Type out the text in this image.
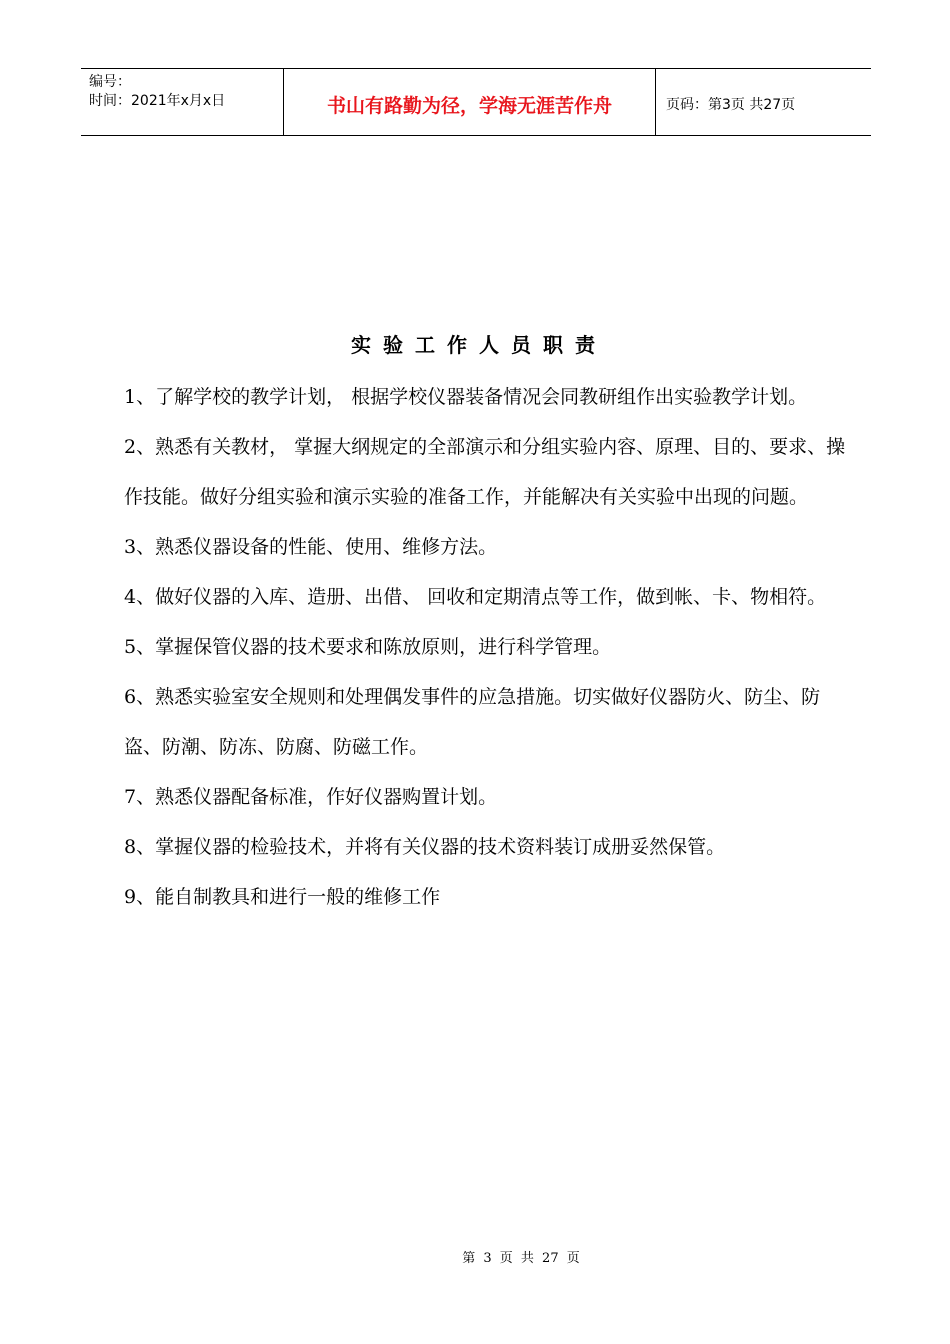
编号：
时间：2021年x月x日	书山有路勤为径，学海无涯苦作舟	页码：第3页 共27页
实验工作人员职责

1、了解学校的教学计划， 根据学校仪器装备情况会同教研组作出实验教学计划。

2、熟悉有关教材， 掌握大纲规定的全部演示和分组实验内容、原理、目的、要求、操作技能。做好分组实验和演示实验的准备工作，并能解决有关实验中出现的问题。

3、熟悉仪器设备的性能、使用、维修方法。

4、做好仪器的入库、造册、出借、 回收和定期清点等工作，做到帐、卡、物相符。

5、掌握保管仪器的技术要求和陈放原则，进行科学管理。

6、熟悉实验室安全规则和处理偶发事件的应急措施。切实做好仪器防火、防尘、防盗、防潮、防冻、防腐、防磁工作。

7、熟悉仪器配备标准，作好仪器购置计划。

8、掌握仪器的检验技术，并将有关仪器的技术资料装订成册妥然保管。

9、能自制教具和进行一般的维修工作

第 3 页 共 27 页
